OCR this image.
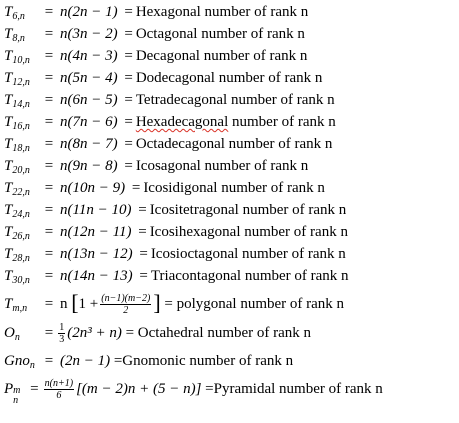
$T_{6,n} = n(2n - 1)$ = Hexagonal number of rank n
$T_{8,n} = n(3n - 2)$ = Octagonal number of rank n
$T_{10,n} = n(4n - 3)$ = Decagonal number of rank n
$T_{12,n} = n(5n - 4)$ = Dodecagonal number of rank n
$T_{14,n} = n(6n - 5)$ = Tetradecagonal number of rank n
$T_{16,n} = n(7n - 6)$ = Hexadecagonal number of rank n
$T_{18,n} = n(8n - 7)$ = Octadecagonal number of rank n
$T_{20,n} = n(9n - 8)$ = Icosagonal number of rank n
$T_{22,n} = n(10n - 9)$ = Icosidigonal number of rank n
$T_{24,n} = n(11n - 10)$ = Icositetragonal number of rank n
$T_{26,n} = n(12n - 11)$ = Icosihexagonal number of rank n
$T_{28,n} = n(13n - 12)$ = Icosioctagonal number of rank n
$T_{30,n} = n(14n - 13)$ = Triacontagonal number of rank n
$T_{m,n} = n$ [$1 + \frac{(n-1)(m-2)}{2}$ ] = polygonal number of rank n
$O_n = \frac{1}{3} (2n^3 + n)$ = Octahedral number of rank n
Gno$_n$ = (2n − 1) =Gnomonic number of rank n
P m
n
= $\frac{n(n+1)}{6} [(m - 2)n + (5 - n)]$ =Pyramidal number of rank n
